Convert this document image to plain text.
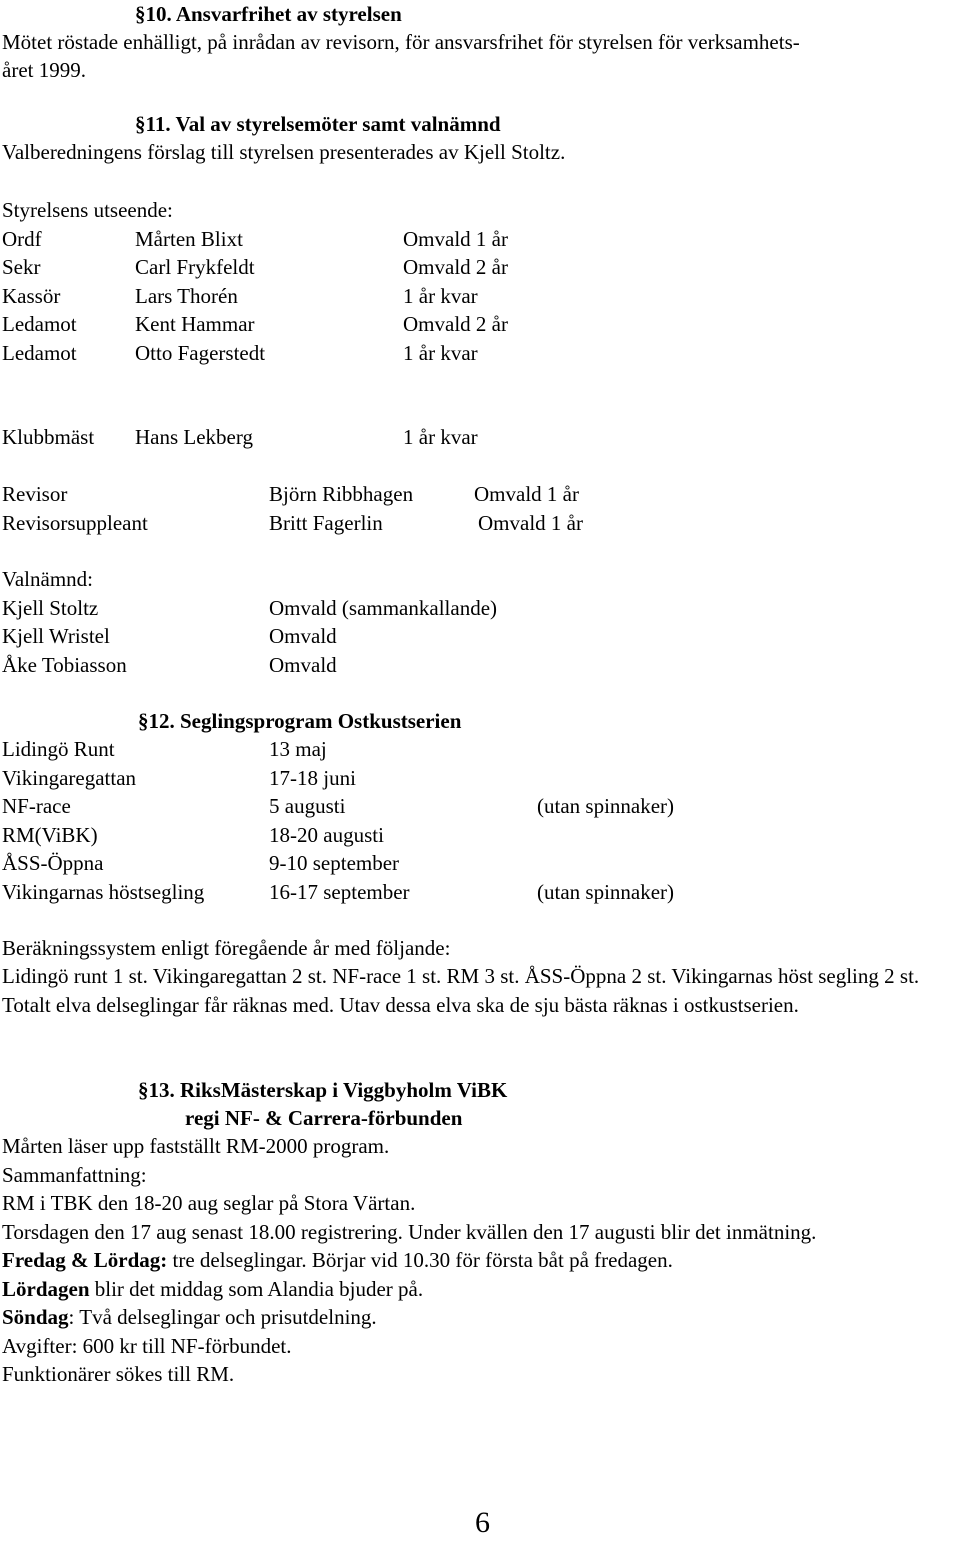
§10. Ansvarfrihet av styrelsen
Mötet röstade enhälligt, på inrådan av revisorn, för ansvarsfrihet för styrelsen för verksamhets-
året 1999.
§11. Val av styrelsemöter samt valnämnd
Valberedningens förslag till styrelsen presenterades av Kjell Stoltz.
Styrelsens utseende:
Ordf	Mårten Blixt	Omvald 1 år
Sekr	Carl Frykfeldt	Omvald 2 år
Kassör	Lars Thorén	1 år kvar
Ledamot	Kent Hammar	Omvald 2 år
Ledamot	Otto Fagerstedt	1 år kvar
Klubbmäst Hans Lekberg	1 år kvar
Revisor	Björn Ribbhagen	Omvald 1 år
Revisorsuppleant	Britt Fagerlin	Omvald 1 år
Valnämnd:
Kjell Stoltz	Omvald (sammankallande)
Kjell Wristel	Omvald
Åke Tobiasson	Omvald
§12. Seglingsprogram Ostkustserien
Lidingö Runt	13 maj
Vikingaregattan	17-18 juni
NF-race	5 augusti	(utan spinnaker)
RM(ViBK)	18-20 augusti
ÅSS-Öppna	9-10 september
Vikingarnas höstsegling	16-17 september	(utan spinnaker)
Beräkningssystem enligt föregående år med följande:
Lidingö runt 1 st. Vikingaregattan 2 st. NF-race 1 st. RM 3 st. ÅSS-Öppna 2 st. Vikingarnas höst segling 2 st. Totalt elva delseglingar får räknas med. Utav dessa elva ska de sju bästa räknas i ostkustserien.
§13. RiksMästerskap i Viggbyholm ViBK
regi NF- & Carrera-förbunden
Mårten läser upp fastställt RM-2000 program.
Sammanfattning:
RM i TBK den 18-20 aug seglar på Stora Värtan.
Torsdagen den 17 aug senast 18.00 registrering. Under kvällen den 17 augusti blir det inmätning.
Fredag & Lördag: tre delseglingar. Börjar vid 10.30 för första båt på fredagen.
Lördagen blir det middag som Alandia bjuder på.
Söndag: Två delseglingar och prisutdelning.
Avgifter: 600 kr till NF-förbundet.
Funktionärer sökes till RM.
6
